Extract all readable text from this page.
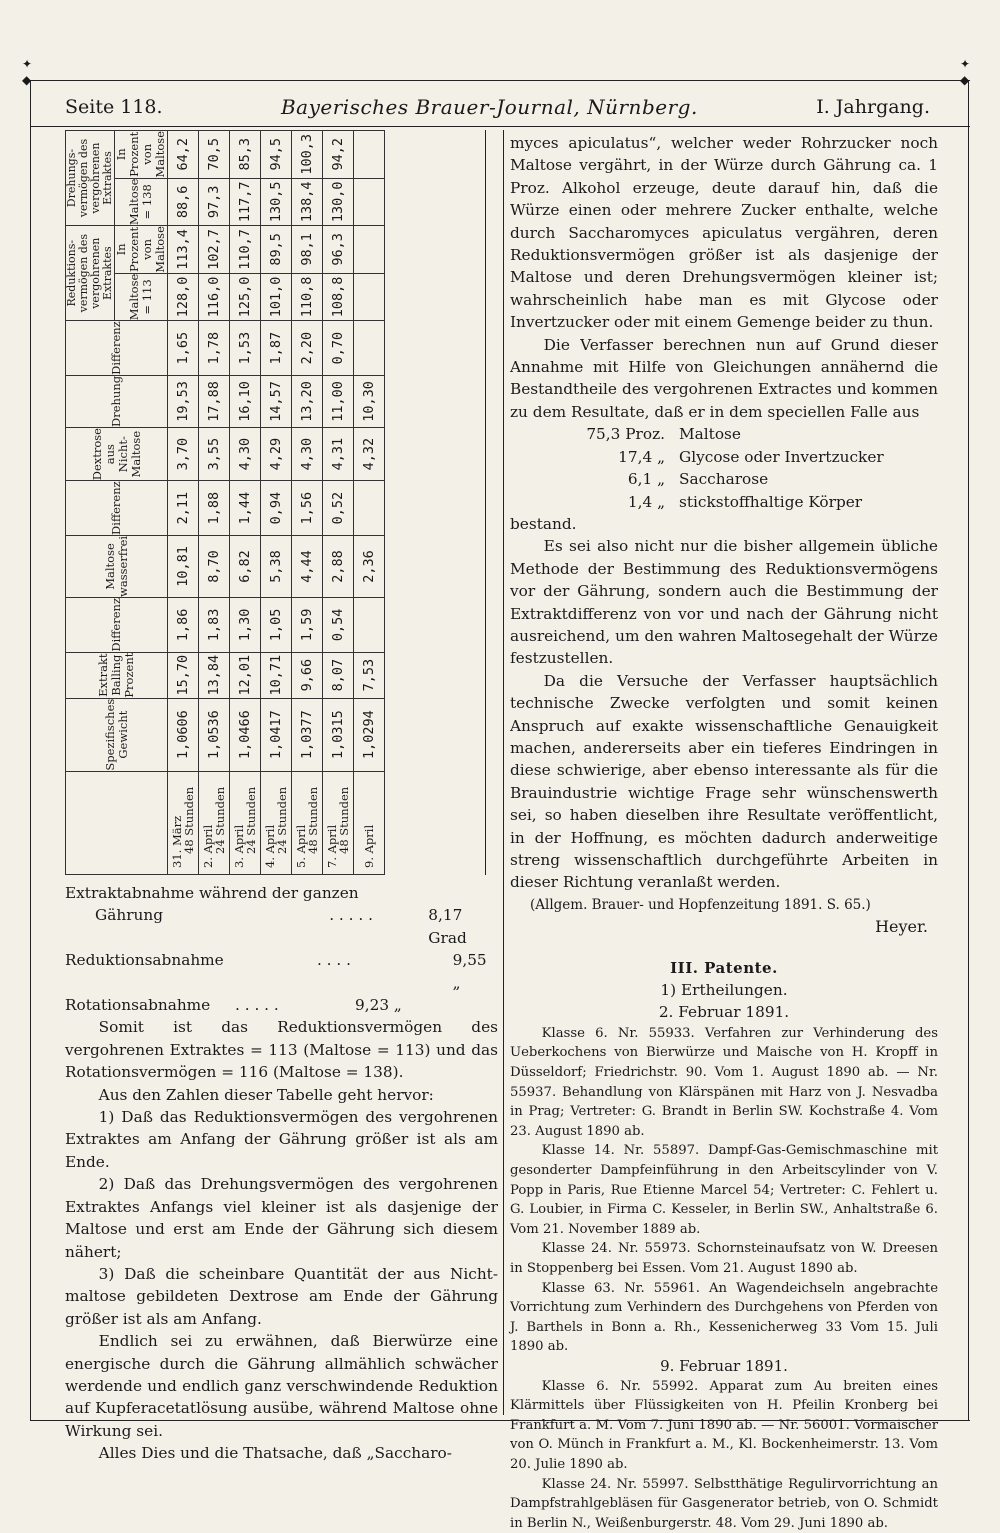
✦	✦
◆	◆
Seite 118.	Bayerisches Brauer-Journal, Nürnberg.	I. Jahrgang.
	Spezifisches Gewicht	Extrakt Balling Prozent	Differenz	Maltose wasserfrei	Differenz	Dextrose aus Nicht-Maltose	Drehung	Differenz	Reduktions-vermögen des vergohrenen Extraktes		Drehungs-vermögen des vergohrenen Extraktes	
									Maltose = 113	In Prozent von Maltose	Maltose = 138	In Prozent von Maltose

31. März
48 Stunden	1,0606	15,70	1,86	10,81	2,11	3,70	19,53	1,65	128,0	113,4	88,6	64,2

2. April
24 Stunden	1,0536	13,84	1,83	8,70	1,88	3,55	17,88	1,78	116,0	102,7	97,3	70,5

3. April
24 Stunden	1,0466	12,01	1,30	6,82	1,44	4,30	16,10	1,53	125,0	110,7	117,7	85,3

4. April
24 Stunden	1,0417	10,71	1,05	5,38	0,94	4,29	14,57	1,87	101,0	89,5	130,5	94,5

5. April
48 Stunden	1,0377	9,66	1,59	4,44	1,56	4,30	13,20	2,20	110,8	98,1	138,4	100,3

7. April
48 Stunden	1,0315	8,07	0,54	2,88	0,52	4,31	11,00	0,70	108,8	96,3	130,0	94,2

9. April	1,0294	7,53		2,36		4,32	10,30					

Extraktabnahme während der ganzen

Gährung	. . . . .	8,17 Grad
Reduktionsabnahme	. . . .	9,55 „
Rotationsabnahme	. . . . .	9,23 „

Somit ist das Reduktionsvermögen des vergohrenen Extraktes = 113 (Maltose = 113) und das Rotationsvermögen = 116 (Maltose = 138).

Aus den Zahlen dieser Tabelle geht hervor:

1) Daß das Reduktionsvermögen des vergohrenen Extraktes am Anfang der Gährung größer ist als am Ende.

2) Daß das Drehungsvermögen des vergohrenen Extraktes Anfangs viel kleiner ist als dasjenige der Maltose und erst am Ende der Gährung sich diesem nähert;

3) Daß die scheinbare Quantität der aus Nicht-maltose gebildeten Dextrose am Ende der Gährung größer ist als am Anfang.

Endlich sei zu erwähnen, daß Bierwürze eine energische durch die Gährung allmählich schwächer werdende und endlich ganz verschwindende Reduktion auf Kupferacetatlösung ausübe, während Maltose ohne Wirkung sei.

Alles Dies und die Thatsache, daß „Saccharo-

myces apiculatus“, welcher weder Rohrzucker noch Maltose vergährt, in der Würze durch Gährung ca. 1 Proz. Alkohol erzeuge, deute darauf hin, daß die Würze einen oder mehrere Zucker enthalte, welche durch Saccharomyces apiculatus vergähren, deren Reduktionsvermögen größer ist als dasjenige der Maltose und deren Drehungsvermögen kleiner ist; wahrscheinlich habe man es mit Glycose oder Invertzucker oder mit einem Gemenge beider zu thun.

Die Verfasser berechnen nun auf Grund dieser Annahme mit Hilfe von Gleichungen annähernd die Bestandtheile des vergohrenen Extractes und kommen zu dem Resultate, daß er in dem speciellen Falle aus

75,3 Proz. Maltose
17,4 „ Glycose oder Invertzucker
6,1 „ Saccharose
1,4 „ stickstoffhaltige Körper

bestand.

Es sei also nicht nur die bisher allgemein übliche Methode der Bestimmung des Reduktionsvermögens vor der Gährung, sondern auch die Bestimmung der Extraktdifferenz von vor und nach der Gährung nicht ausreichend, um den wahren Maltosegehalt der Würze festzustellen.

Da die Versuche der Verfasser hauptsächlich technische Zwecke verfolgten und somit keinen Anspruch auf exakte wissenschaftliche Genauigkeit machen, andererseits aber ein tieferes Eindringen in diese schwierige, aber ebenso interessante als für die Brauindustrie wichtige Frage sehr wünschenswerth sei, so haben dieselben ihre Resultate veröffentlicht, in der Hoffnung, es möchten dadurch anderweitige streng wissenschaftlich durchgeführte Arbeiten in dieser Richtung veranlaßt werden.

(Allgem. Brauer- und Hopfenzeitung 1891. S. 65.)

Heyer.

III. Patente.
1) Ertheilungen.
2. Februar 1891.

Klasse 6. Nr. 55933. Verfahren zur Verhinderung des Ueberkochens von Bierwürze und Maische von H. Kropff in Düsseldorf; Friedrichstr. 90. Vom 1. August 1890 ab. — Nr. 55937. Behandlung von Klärspänen mit Harz von J. Nesvadba in Prag; Vertreter: G. Brandt in Berlin SW. Kochstraße 4. Vom 23. August 1890 ab.

Klasse 14. Nr. 55897. Dampf-Gas-Gemischmaschine mit gesonderter Dampfeinführung in den Arbeitscylinder von V. Popp in Paris, Rue Etienne Marcel 54; Vertreter: C. Fehlert u. G. Loubier, in Firma C. Kesseler, in Berlin SW., Anhaltstraße 6. Vom 21. November 1889 ab.

Klasse 24. Nr. 55973. Schornsteinaufsatz von W. Dreesen in Stoppenberg bei Essen. Vom 21. August 1890 ab.

Klasse 63. Nr. 55961. An Wagendeichseln angebrachte Vorrichtung zum Verhindern des Durchgehens von Pferden von J. Barthels in Bonn a. Rh., Kessenicherweg 33 Vom 15. Juli 1890 ab.

9. Februar 1891.

Klasse 6. Nr. 55992. Apparat zum Au breiten eines Klärmittels über Flüssigkeiten von H. Pfeilin Kronberg bei Frankfurt a. M. Vom 7. Juni 1890 ab. — Nr. 56001. Vormaischer von O. Münch in Frankfurt a. M., Kl. Bockenheimerstr. 13. Vom 20. Julie 1890 ab.

Klasse 24. Nr. 55997. Selbstthätige Regulirvorrichtung an Dampfstrahlgebläsen für Gasgenerator betrieb, von O. Schmidt in Berlin N., Weißenburgerstr. 48. Vom 29. Juni 1890 ab.
